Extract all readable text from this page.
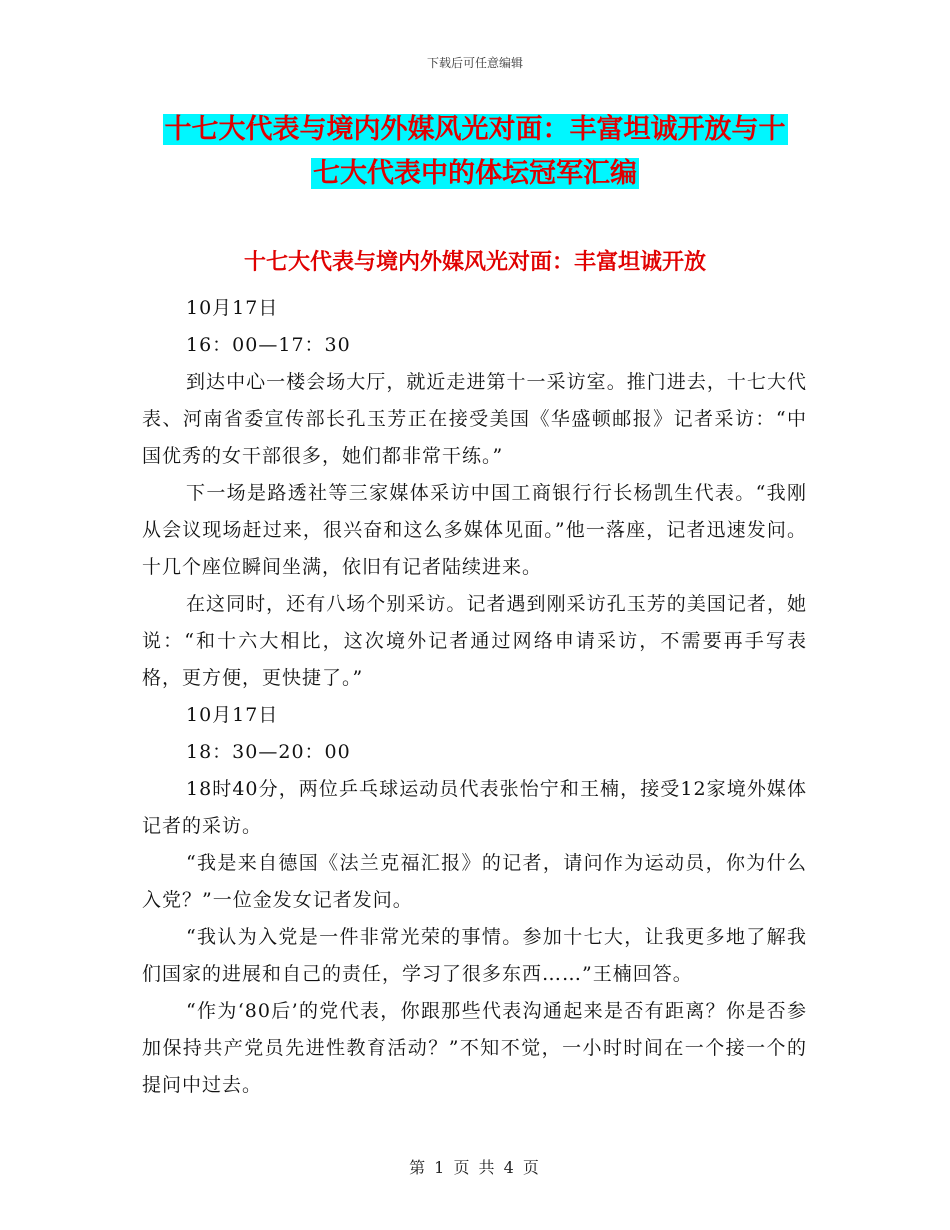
下载后可任意编辑
十七大代表与境内外媒风光对面：丰富坦诚开放与十
七大代表中的体坛冠军汇编
十七大代表与境内外媒风光对面：丰富坦诚开放

10月17日

16：00—17：30

到达中心一楼会场大厅，就近走进第十一采访室。推门进去，十七大代表、河南省委宣传部长孔玉芳正在接受美国《华盛顿邮报》记者采访：“中国优秀的女干部很多，她们都非常干练。”

下一场是路透社等三家媒体采访中国工商银行行长杨凯生代表。“我刚从会议现场赶过来，很兴奋和这么多媒体见面。”他一落座，记者迅速发问。十几个座位瞬间坐满，依旧有记者陆续进来。

在这同时，还有八场个别采访。记者遇到刚采访孔玉芳的美国记者，她说：“和十六大相比，这次境外记者通过网络申请采访，不需要再手写表格，更方便，更快捷了。”

10月17日

18：30—20：00

18时40分，两位乒乓球运动员代表张怡宁和王楠，接受12家境外媒体记者的采访。

“我是来自德国《法兰克福汇报》的记者，请问作为运动员，你为什么入党？”一位金发女记者发问。

“我认为入党是一件非常光荣的事情。参加十七大，让我更多地了解我们国家的进展和自己的责任，学习了很多东西……”王楠回答。

“作为‘80后’的党代表，你跟那些代表沟通起来是否有距离？你是否参加保持共产党员先进性教育活动？”不知不觉，一小时时间在一个接一个的提问中过去。

第 1 页 共 4 页
